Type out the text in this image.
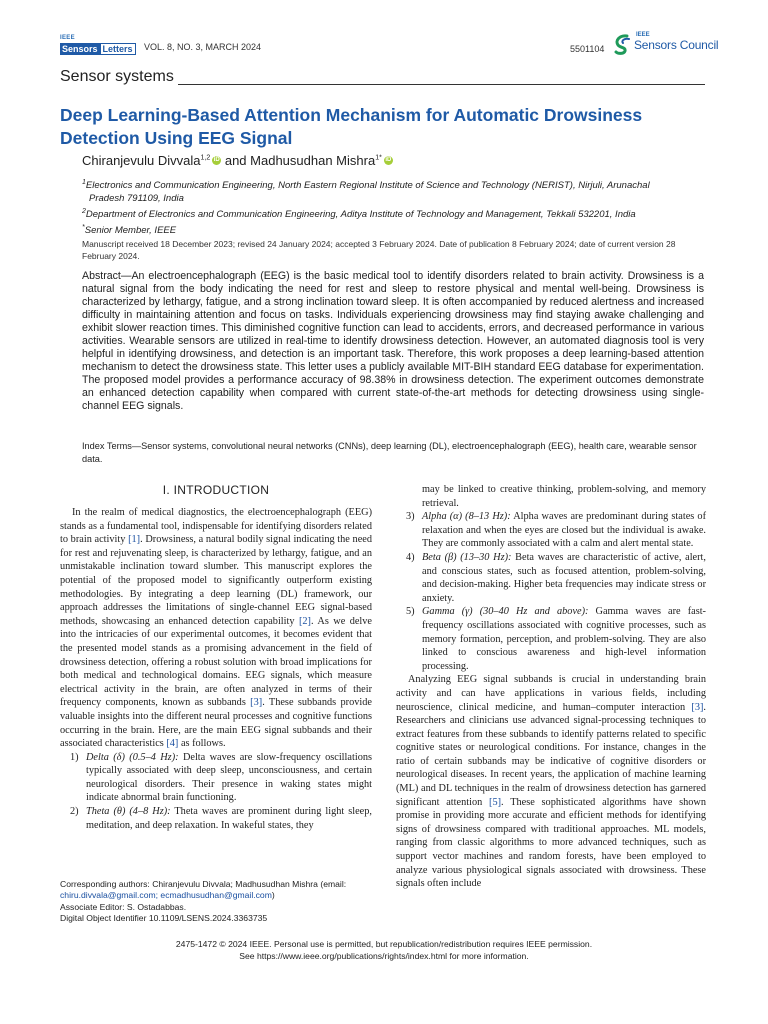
IEEE
Sensors Letters	VOL. 8, NO. 3, MARCH 2024	5501104
IEEE
Sensors Council
Sensor systems
Deep Learning-Based Attention Mechanism for Automatic Drowsiness Detection Using EEG Signal
Chiranjevulu Divvala$^{1,2}$ iD and Madhusudhan Mishra$^{1*}$ iD
$^1$Electronics and Communication Engineering, North Eastern Regional Institute of Science and Technology (NERIST), Nirjuli, Arunachal
Pradesh 791109, India
$^2$Department of Electronics and Communication Engineering, Aditya Institute of Technology and Management, Tekkali 532201, India
*Senior Member, IEEE
Manuscript received 18 December 2023; revised 24 January 2024; accepted 3 February 2024. Date of publication 8 February 2024; date of current version 28 February 2024.
Abstract—An electroencephalograph (EEG) is the basic medical tool to identify disorders related to brain activity. Drowsiness is a natural signal from the body indicating the need for rest and sleep to restore physical and mental well-being. Drowsiness is characterized by lethargy, fatigue, and a strong inclination toward sleep. It is often accompanied by reduced alertness and increased difficulty in maintaining attention and focus on tasks. Individuals experiencing drowsiness may find staying awake challenging and exhibit slower reaction times. This diminished cognitive function can lead to accidents, errors, and decreased performance in various activities. Wearable sensors are utilized in real-time to identify drowsiness detection. However, an automated diagnosis tool is very helpful in identifying drowsiness, and detection is an important task. Therefore, this work proposes a deep learning-based attention mechanism to detect the drowsiness state. This letter uses a publicly available MIT-BIH standard EEG database for experimentation. The proposed model provides a performance accuracy of 98.38% in drowsiness detection. The experiment outcomes demonstrate an enhanced detection capability when compared with current state-of-the-art methods for detecting drowsiness using single-channel EEG signals.
Index Terms—Sensor systems, convolutional neural networks (CNNs), deep learning (DL), electroencephalograph (EEG), health care, wearable sensor data.
I. INTRODUCTION

In the realm of medical diagnostics, the electroencephalograph (EEG) stands as a fundamental tool, indispensable for identifying disorders related to brain activity [1]. Drowsiness, a natural bodily signal indicating the need for rest and rejuvenating sleep, is characterized by lethargy, fatigue, and an unmistakable inclination toward slumber. This manuscript explores the potential of the proposed model to significantly outperform existing methodologies. By integrating a deep learning (DL) framework, our approach addresses the limitations of single-channel EEG signal-based methods, showcasing an enhanced detection capability [2]. As we delve into the intricacies of our experimental outcomes, it becomes evident that the presented model stands as a promising advancement in the field of drowsiness detection, offering a robust solution with broad implications for both medical and technological domains. EEG signals, which measure electrical activity in the brain, are often analyzed in terms of their frequency components, known as subbands [3]. These subbands provide valuable insights into the different neural processes and cognitive functions occurring in the brain. Here, are the main EEG signal subbands and their associated characteristics [4] as follows.

1) Delta (δ) (0.5–4 Hz): Delta waves are slow-frequency oscillations typically associated with deep sleep, unconsciousness, and certain neurological disorders. Their presence in waking states might indicate abnormal brain functioning.
2) Theta (θ) (4–8 Hz): Theta waves are prominent during light sleep, meditation, and deep relaxation. In wakeful states, they
may be linked to creative thinking, problem-solving, and memory retrieval.
3) Alpha (α) (8–13 Hz): Alpha waves are predominant during states of relaxation and when the eyes are closed but the individual is awake. They are commonly associated with a calm and alert mental state.
4) Beta (β) (13–30 Hz): Beta waves are characteristic of active, alert, and conscious states, such as focused attention, problem-solving, and decision-making. Higher beta frequencies may indicate stress or anxiety.
5) Gamma (γ) (30–40 Hz and above): Gamma waves are fast-frequency oscillations associated with cognitive processes, such as memory formation, perception, and problem-solving. They are also linked to conscious awareness and high-level information processing.

Analyzing EEG signal subbands is crucial in understanding brain activity and can have applications in various fields, including neuroscience, clinical medicine, and human–computer interaction [3]. Researchers and clinicians use advanced signal-processing techniques to extract features from these subbands to identify patterns related to specific cognitive states or neurological conditions. For instance, changes in the ratio of certain subbands may be indicative of cognitive disorders or neurological diseases. In recent years, the application of machine learning (ML) and DL techniques in the realm of drowsiness detection has garnered significant attention [5]. These sophisticated algorithms have shown promise in providing more accurate and efficient methods for identifying signs of drowsiness compared with traditional approaches. ML models, ranging from classic algorithms to more advanced techniques, such as support vector machines and random forests, have been employed to analyze various physiological signals associated with drowsiness. These signals often include

Corresponding authors: Chiranjevulu Divvala; Madhusudhan Mishra (email:
chiru.divvala@gmail.com; ecmadhusudhan@gmail.com)
Associate Editor: S. Ostadabbas.
Digital Object Identifier 10.1109/LSENS.2024.3363735
2475-1472 © 2024 IEEE. Personal use is permitted, but republication/redistribution requires IEEE permission.
See https://www.ieee.org/publications/rights/index.html for more information.
